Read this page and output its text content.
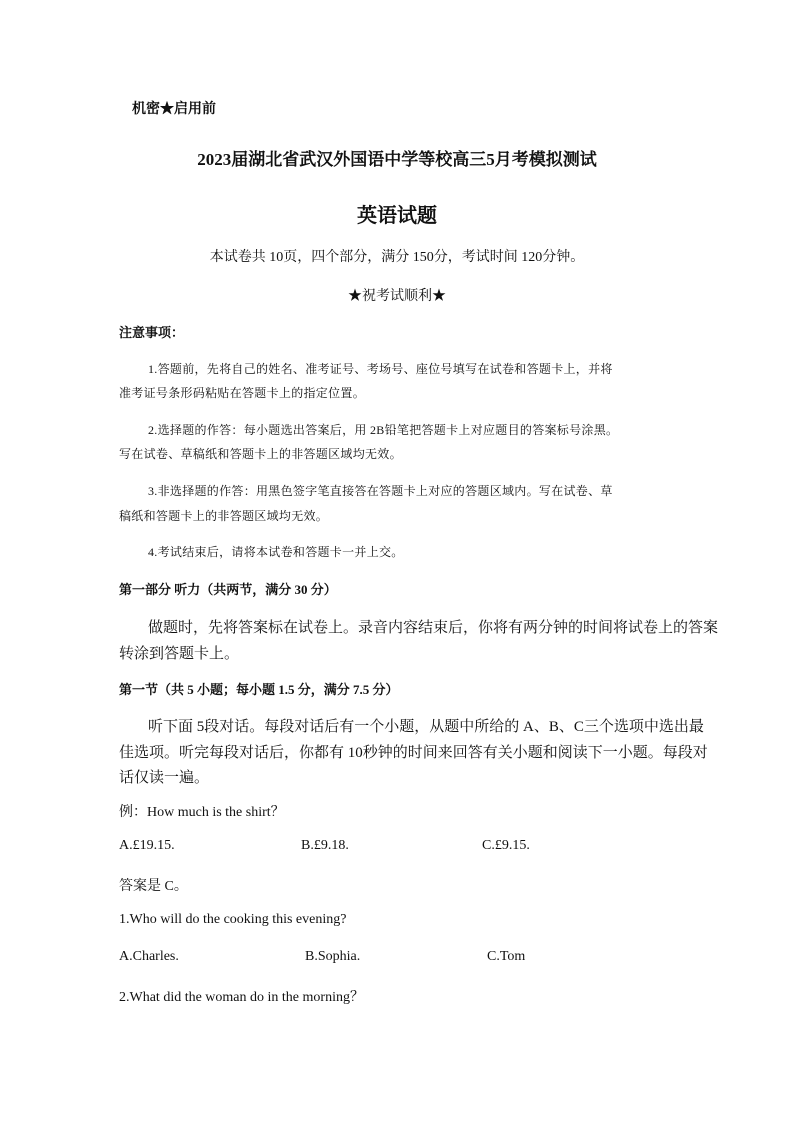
机密★启用前

2023届湖北省武汉外国语中学等校高三5月考模拟测试

英语试题

本试卷共 10页，四个部分，满分 150分，考试时间 120分钟。

★祝考试顺利★

注意事项：

1.答题前，先将自己的姓名、准考证号、考场号、座位号填写在试卷和答题卡上，并将

准考证号条形码粘贴在答题卡上的指定位置。

2.选择题的作答：每小题选出答案后，用 2B铅笔把答题卡上对应题目的答案标号涂黑。

写在试卷、草稿纸和答题卡上的非答题区域均无效。

3.非选择题的作答：用黑色签字笔直接答在答题卡上对应的答题区域内。写在试卷、草

稿纸和答题卡上的非答题区域均无效。

4.考试结束后，请将本试卷和答题卡一并上交。

第一部分 听力（共两节，满分 30 分）

做题时，先将答案标在试卷上。录音内容结束后，你将有两分钟的时间将试卷上的答案

转涂到答题卡上。

第一节（共 5 小题；每小题 1.5 分，满分 7.5 分）

听下面 5段对话。每段对话后有一个小题，从题中所给的 A、B、C三个选项中选出最

佳选项。听完每段对话后，你都有 10秒钟的时间来回答有关小题和阅读下一小题。每段对

话仅读一遍。

例：How much is the shirt？

A.£19.15.	B.£9.18.	C.£9.15.

答案是 C。

1.Who will do the cooking this evening?

A.Charles.	B.Sophia.	C.Tom

2.What did the woman do in the morning？
